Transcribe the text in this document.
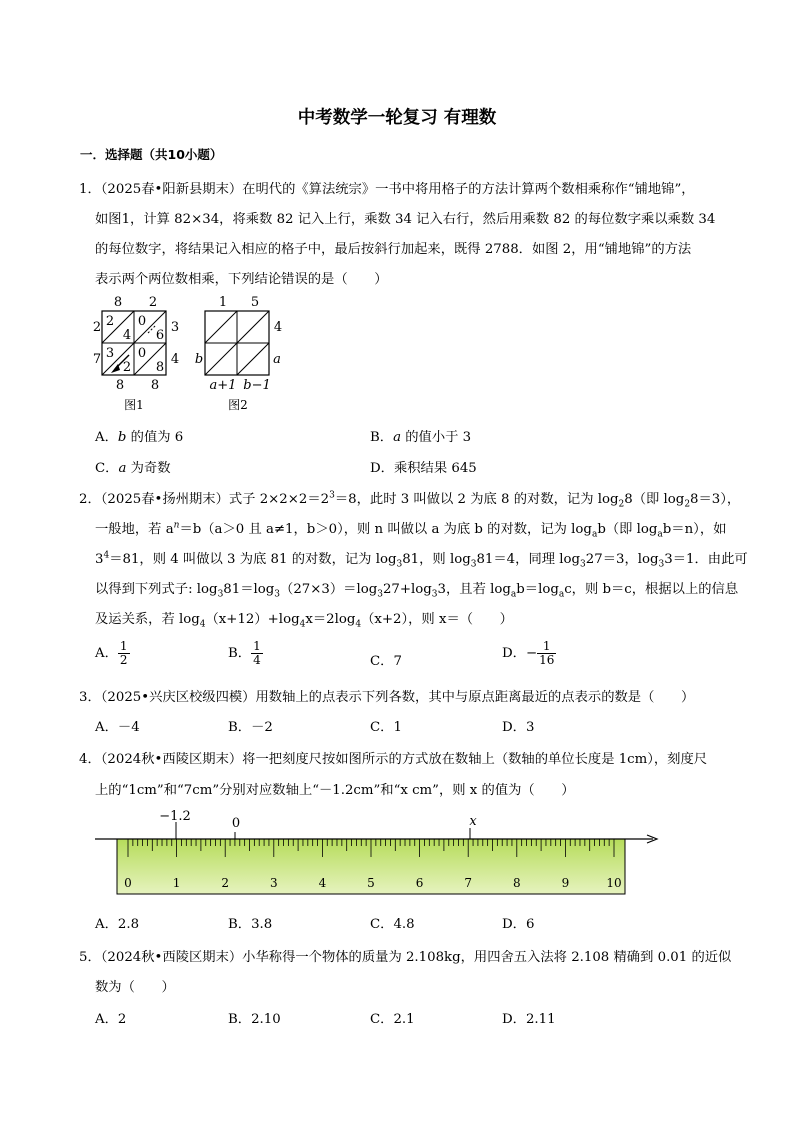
中考数学一轮复习 有理数
一．选择题（共10小题）
1．（2025春•阳新县期末）在明代的《算法统宗》一书中将用格子的方法计算两个数相乘称作“铺地锦”，
如图1，计算 82×34，将乘数 82 记入上行，乘数 34 记入右行，然后用乘数 82 的每位数字乘以乘数 34
的每位数字，将结果记入相应的格子中，最后按斜行加起来，既得 2788．如图 2，用“铺地锦”的方法
表示两个两位数相乘，下列结论错误的是（　　）
8 2
2
7
3
4
8 8
2
4
0
6
3
2
0
8
图1
1 5
4
b	a
a+1 b−1
图2
A．b 的值为 6	B．a 的值小于 3
C．a 为奇数	D．乘积结果 645
2．（2025春•扬州期末）式子 $2\times 2\times 2=2^3=8$，此时 3 叫做以 2 为底 8 的对数，记为 $\log_28$（即 $\log_28=3$），
一般地，若 $a^n=b(a>0$ 且 a≠1，b＞0），则 n 叫做以 a 为底 b 的对数，记为 $\log_ab$（即 $\log_ab=n$），如
$3^4=81$，则 4 叫做以 3 为底 81 的对数，记为 $\log_381$，则 $\log_381=4$，同理 $\log_327=3$，$\log_33=1$．由此可
以得到下列式子: $\log_381=\log_3(27\times 3)=\log_327+\log_33$，且若 $\log_ab=\log_ac$，则 b＝c，根据以上的信息
及运关系，若 $\log_4(x+12)+\log_4x=2\log_4(x+2)$，则 x＝（　　）
A． $\frac{1}{2}$	B． $\frac{1}{4}$	C．7
D．− $\frac{1}{16}$
3．（2025•兴庆区校级四模）用数轴上的点表示下列各数，其中与原点距离最近的点表示的数是（　　）
A．－4	B．－2	C．1	D．3
4．（2024秋•西陵区期末）将一把刻度尺按如图所示的方式放在数轴上（数轴的单位长度是 1cm），刻度尺
上的“1cm”和“7cm”分别对应数轴上“－1.2cm”和“x cm”，则 x 的值为（　　）
−1.2	0	x
0	1	2	3	4	5	6	7	8	9	10
A．2.8	B．3.8	C．4.8	D．6
5．（2024秋•西陵区期末）小华称得一个物体的质量为 2.108kg，用四舍五入法将 2.108 精确到 0.01 的近似
数为（　　）
A．2	B．2.10	C．2.1	D．2.11
